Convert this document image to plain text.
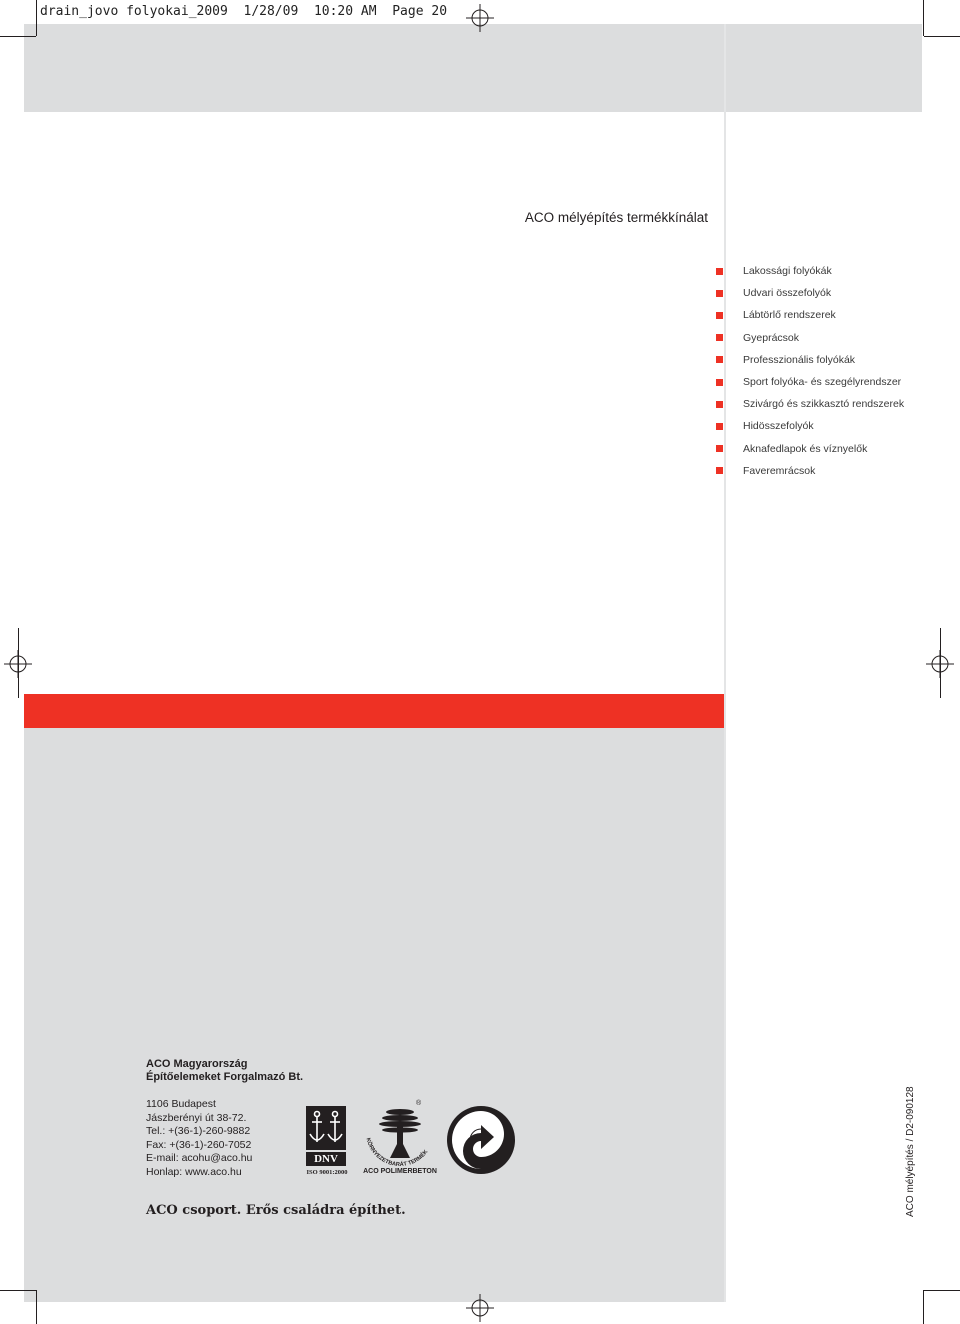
drain_jovo folyokai_2009 1/28/09 10:20 AM Page 20
ACO mélyépítés termékkínálat
Lakossági folyókák
Udvari összefolyók
Lábtörlő rendszerek
Gyeprácsok
Professzionális folyókák
Sport folyóka- és szegélyrendszer
Szivárgó és szikkasztó rendszerek
Hidösszefolyók
Aknafedlapok és víznyelők
Faveremrácsok
ACO Magyarország
Építőelemeket Forgalmazó Bt.
1106 Budapest
Jászberényi út 38-72.
Tel.: +(36-1)-260-9882
Fax: +(36-1)-260-7052
E-mail: acohu@aco.hu
Honlap: www.aco.hu
ACO csoport. Erős családra építhet.
DNV
ISO 9001:2000
KÖRNYEZETBARÁT TERMÉK
®
ACO POLIMERBETON	ACO mélyépítés / D2-090128
